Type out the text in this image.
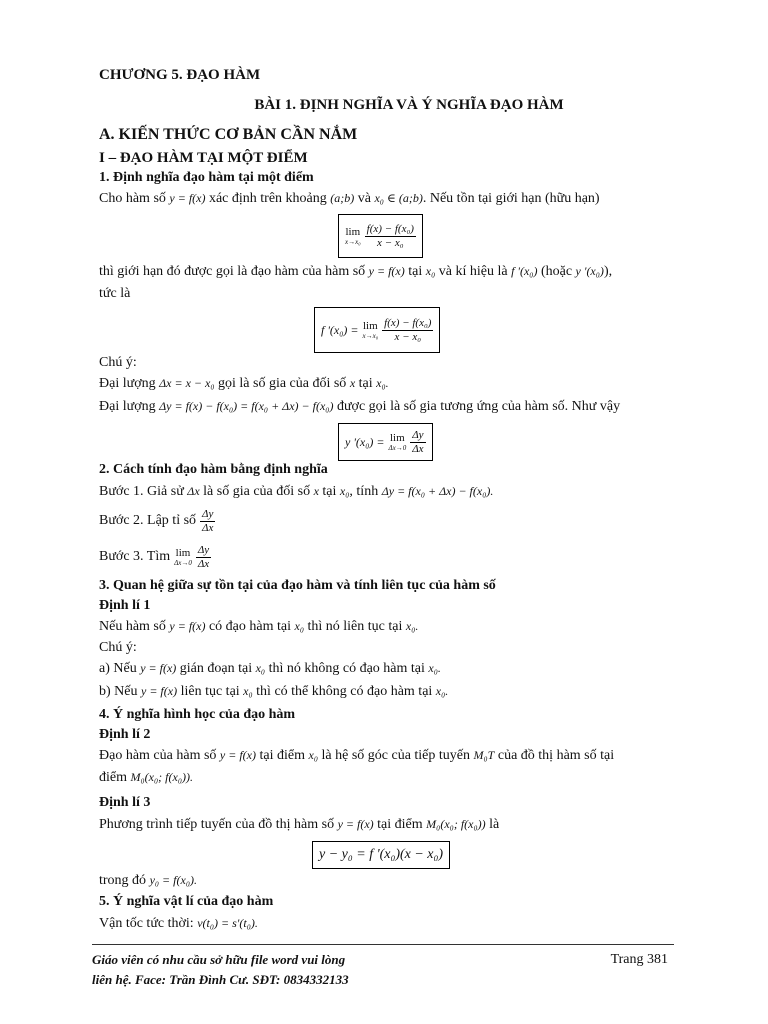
CHƯƠNG 5. ĐẠO HÀM
BÀI 1. ĐỊNH NGHĨA VÀ Ý NGHĨA ĐẠO HÀM
A. KIẾN THỨC CƠ BẢN CẦN NẮM
I – ĐẠO HÀM TẠI MỘT ĐIỂM
1. Định nghĩa đạo hàm tại một điểm
Cho hàm số y = f(x) xác định trên khoảng (a;b) và x₀ ∈ (a;b). Nếu tồn tại giới hạn (hữu hạn)
lim
$x\to x_0 \frac{\text{f(x) − f(x₀)}}{\text{x − x₀}}$
thì giới hạn đó được gọi là đạo hàm của hàm số y = f(x) tại x₀ và kí hiệu là f '(x₀) (hoặc y '(x₀)),
tức là
f '(x₀) = lim
$x\to x_0 \frac{\text{f(x) − f(x₀)}}{\text{x − x₀}}$
Chú ý:
Đại lượng Δx = x − x₀ gọi là số gia của đối số x tại x₀.
Đại lượng Δy = f(x) − f(x₀) = f(x₀ + Δx) − f(x₀) được gọi là số gia tương ứng của hàm số. Như vậy
y '(x₀) = lim
$\Delta x\to 0 \frac{\Delta y}{\Delta x}$
2. Cách tính đạo hàm bằng định nghĩa
Bước 1. Giả sử Δx là số gia của đối số x tại x₀, tính Δy = f(x₀ + Δx) − f(x₀).
Bước 2. Lập tỉ số $\frac{\Delta y}{\Delta x}$
Bước 3. Tìm lim
$\Delta x\to 0 \frac{\Delta y}{\Delta x}$
3. Quan hệ giữa sự tồn tại của đạo hàm và tính liên tục của hàm số
Định lí 1
Nếu hàm số y = f(x) có đạo hàm tại x₀ thì nó liên tục tại x₀.
Chú ý:
a) Nếu y = f(x) gián đoạn tại x₀ thì nó không có đạo hàm tại x₀.
b) Nếu y = f(x) liên tục tại x₀ thì có thể không có đạo hàm tại x₀.
4. Ý nghĩa hình học của đạo hàm
Định lí 2
Đạo hàm của hàm số y = f(x) tại điểm x₀ là hệ số góc của tiếp tuyến M₀T của đồ thị hàm số tại
điểm M₀(x₀; f(x₀)).
Định lí 3
Phương trình tiếp tuyến của đồ thị hàm số y = f(x) tại điểm M₀(x₀; f(x₀)) là
y − y₀ = f '(x₀)(x − x₀)
trong đó y₀ = f(x₀).
5. Ý nghĩa vật lí của đạo hàm
Vận tốc tức thời: v(t₀) = s'(t₀).
Giáo viên có nhu cầu sở hữu file word vui lòng
liên hệ. Face: Trần Đình Cư. SĐT: 0834332133
Trang 381
